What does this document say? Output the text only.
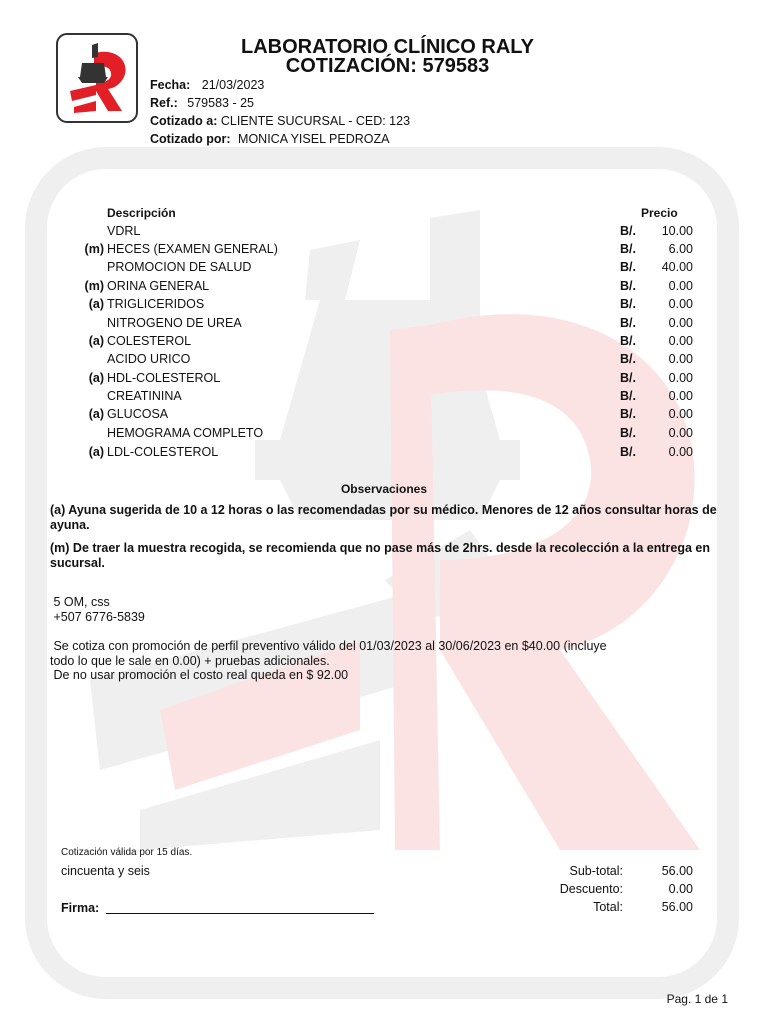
LABORATORIO CLÍNICO RALY
COTIZACIÓN: 579583
Fecha: 21/03/2023
Ref.: 579583 - 25
Cotizado a: CLIENTE SUCURSAL - CED: 123
Cotizado por: MONICA YISEL PEDROZA
Descripción	Precio
VDRL	B/.	10.00
(m) HECES (EXAMEN GENERAL)	B/.	6.00
PROMOCION DE SALUD	B/.	40.00
(m) ORINA GENERAL	B/.	0.00
(a) TRIGLICERIDOS	B/.	0.00
NITROGENO DE UREA	B/.	0.00
(a) COLESTEROL	B/.	0.00
ACIDO URICO	B/.	0.00
(a) HDL-COLESTEROL	B/.	0.00
CREATININA	B/.	0.00
(a) GLUCOSA	B/.	0.00
HEMOGRAMA COMPLETO	B/.	0.00
(a) LDL-COLESTEROL	B/.	0.00
Observaciones
(a) Ayuna sugerida de 10 a 12 horas o las recomendadas por su médico. Menores de 12 años consultar horas de ayuna.
(m) De traer la muestra recogida, se recomienda que no pase más de 2hrs. desde la recolección a la entrega en sucursal.
5 OM, css
+507 6776-5839
Se cotiza con promoción de perfil preventivo válido del 01/03/2023 al 30/06/2023 en $40.00 (incluye
todo lo que le sale en 0.00) + pruebas adicionales.
De no usar promoción el costo real queda en $ 92.00
Cotización válida por 15 días.
cincuenta y seis
Firma:
Sub-total:	56.00
Descuento:	0.00
Total:	56.00
Pag. 1 de 1
